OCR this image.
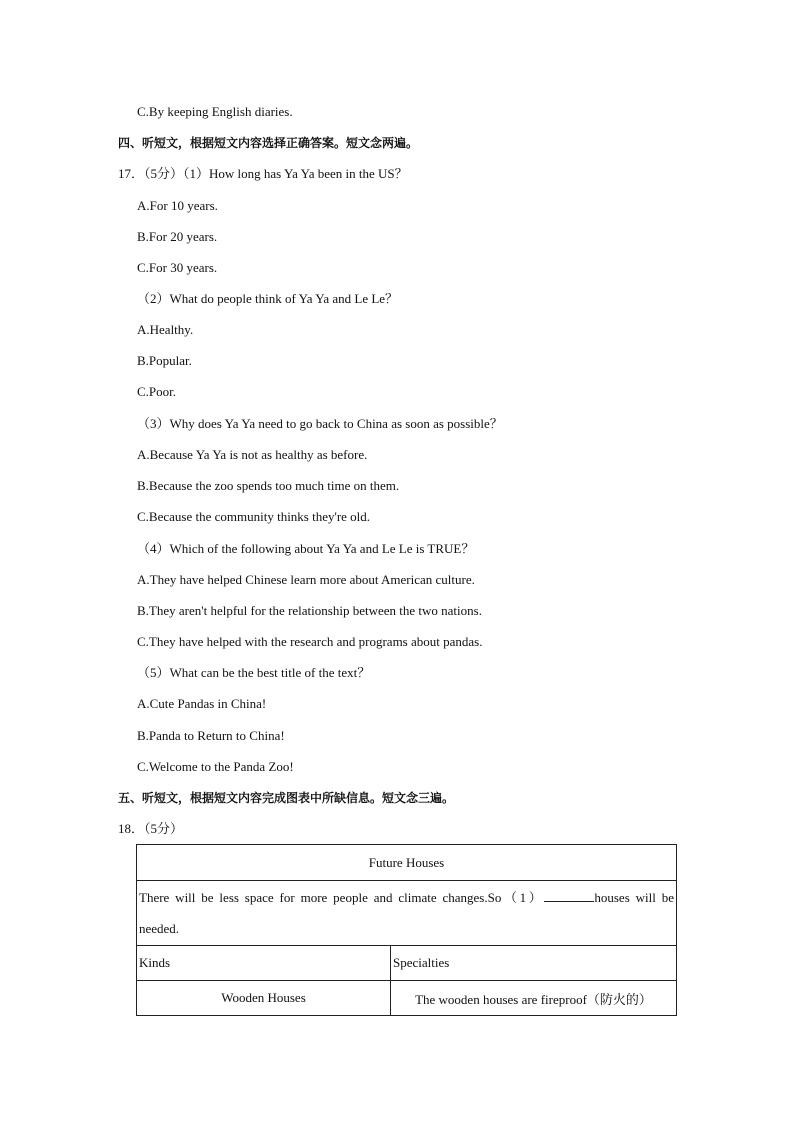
C.By keeping English diaries.
四、听短文，根据短文内容选择正确答案。短文念两遍。
17．（5分）（1）How long has Ya Ya been in the US？
A.For 10 years.
B.For 20 years.
C.For 30 years.
（2）What do people think of Ya Ya and Le Le？
A.Healthy.
B.Popular.
C.Poor.
（3）Why does Ya Ya need to go back to China as soon as possible？
A.Because Ya Ya is not as healthy as before.
B.Because the zoo spends too much time on them.
C.Because the community thinks they're old.
（4）Which of the following about Ya Ya and Le Le is TRUE？
A.They have helped Chinese learn more about American culture.
B.They aren't helpful for the relationship between the two nations.
C.They have helped with the research and programs about pandas.
（5）What can be the best title of the text？
A.Cute Pandas in China!
B.Panda to Return to China!
C.Welcome to the Panda Zoo!
五、听短文，根据短文内容完成图表中所缺信息。短文念三遍。
18．（5分）
Future Houses	
There will be less space for more people and climate changes.So（1） houses will be needed.	
Kinds	Specialties
Wooden Houses	The wooden houses are fireproof（防火的）
